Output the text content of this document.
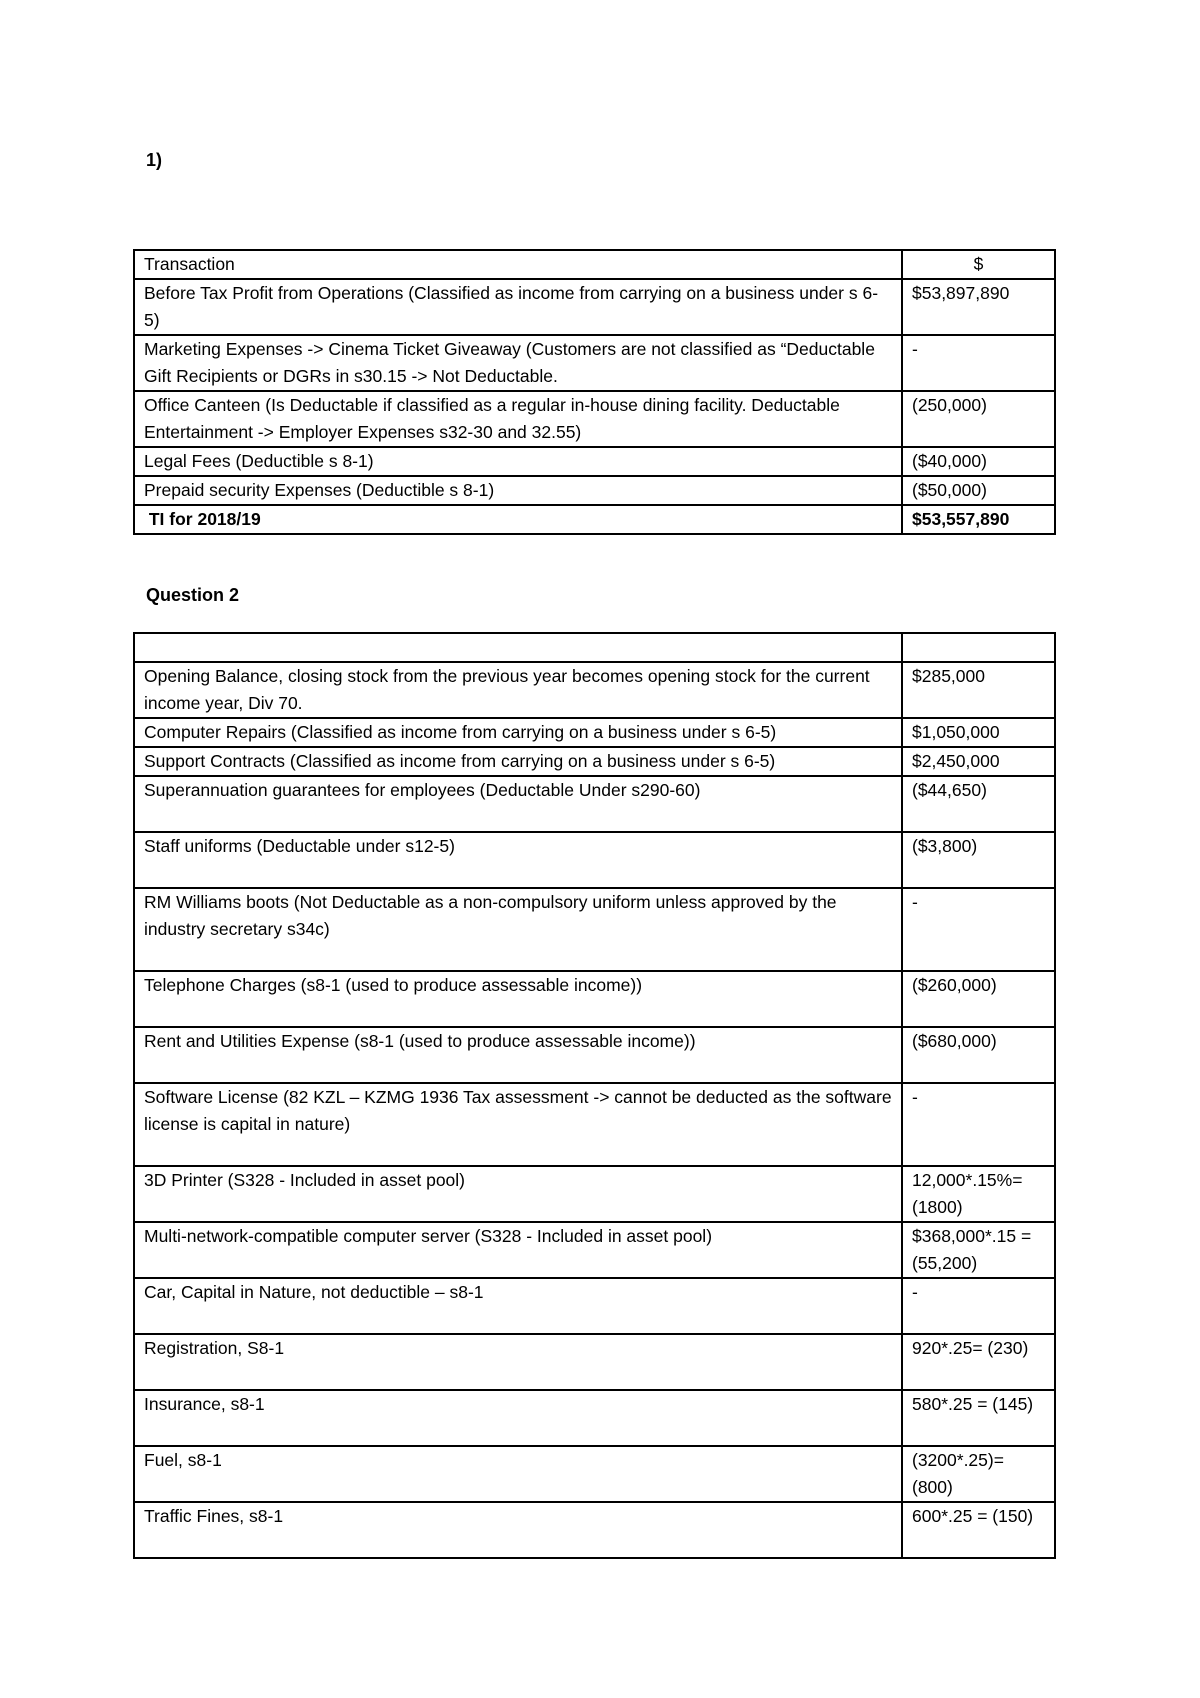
1)
Transaction	$
Before Tax Profit from Operations (Classified as income from carrying on a business under s 6-5)	$53,897,890
Marketing Expenses -> Cinema Ticket Giveaway (Customers are not classified as “Deductable Gift Recipients or DGRs in s30.15 -> Not Deductable.	-
Office Canteen (Is Deductable if classified as a regular in-house dining facility. Deductable Entertainment -> Employer Expenses s32-30 and 32.55)	(250,000)
Legal Fees (Deductible s 8-1)	($40,000)
Prepaid security Expenses (Deductible s 8-1)	($50,000)
TI for 2018/19	$53,557,890
Question 2

Opening Balance, closing stock from the previous year becomes opening stock for the current income year, Div 70.	$285,000
Computer Repairs (Classified as income from carrying on a business under s 6-5)	$1,050,000
Support Contracts (Classified as income from carrying on a business under s 6-5)	$2,450,000
Superannuation guarantees for employees (Deductable Under s290-60)	($44,650)
Staff uniforms (Deductable under s12-5)	($3,800)
RM Williams boots (Not Deductable as a non-compulsory uniform unless approved by the industry secretary s34c)	-
Telephone Charges (s8-1 (used to produce assessable income))	($260,000)
Rent and Utilities Expense (s8-1 (used to produce assessable income))	($680,000)
Software License (82 KZL – KZMG 1936 Tax assessment -> cannot be deducted as the software license is capital in nature)	-
3D Printer (S328 - Included in asset pool)	12,000*.15%= (1800)
Multi-network-compatible computer server (S328 - Included in asset pool)	$368,000*.15 =(55,200)
Car, Capital in Nature, not deductible – s8-1	-
Registration, S8-1	920*.25= (230)
Insurance, s8-1	580*.25 = (145)
Fuel, s8-1	(3200*.25)= (800)
Traffic Fines, s8-1	600*.25 = (150)
